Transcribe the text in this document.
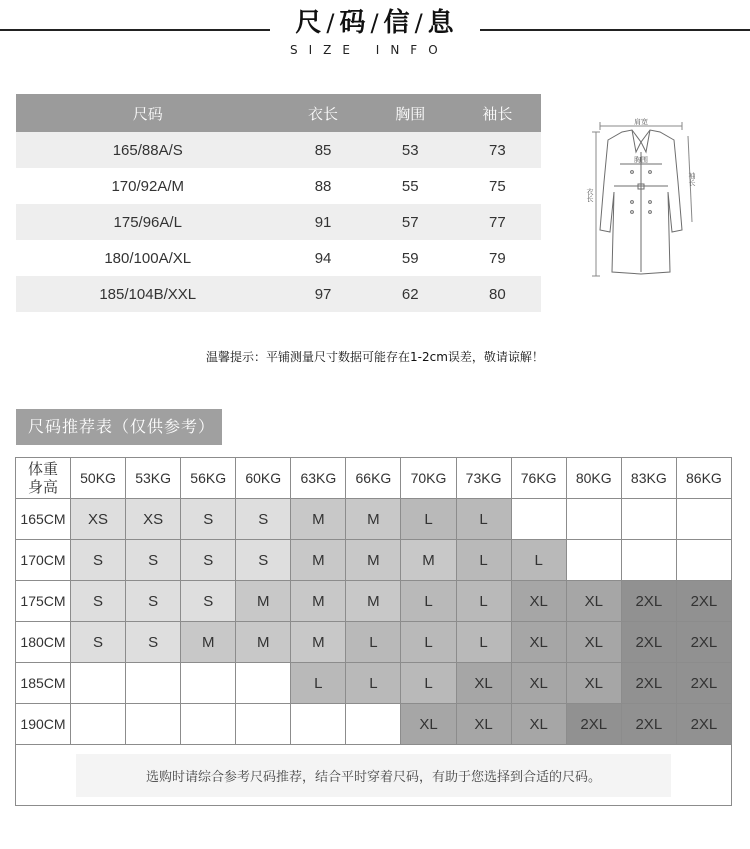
尺 / 码 / 信 / 息
SIZE INFO
尺码	衣长	胸围	袖长
165/88A/S	85	53	73
170/92A/M	88	55	75
175/96A/L	91	57	77
180/100A/XL	94	59	79
185/104B/XXL	97	62	80
肩宽
胸围
袖长
衣长
温馨提示：平铺测量尺寸数据可能存在1-2cm误差，敬请谅解！
尺码推荐表（仅供参考）
体重
身高	50KG	53KG	56KG	60KG	63KG	66KG	70KG	73KG	76KG	80KG	83KG	86KG
165CM	XS	XS	S	S	M	M	L	L				
170CM	S	S	S	S	M	M	M	L	L			
175CM	S	S	S	M	M	M	L	L	XL	XL	2XL	2XL
180CM	S	S	M	M	M	L	L	L	XL	XL	2XL	2XL
185CM					L	L	L	XL	XL	XL	2XL	2XL
190CM							XL	XL	XL	2XL	2XL	2XL
选购时请综合参考尺码推荐，结合平时穿着尺码，有助于您选择到合适的尺码。												
